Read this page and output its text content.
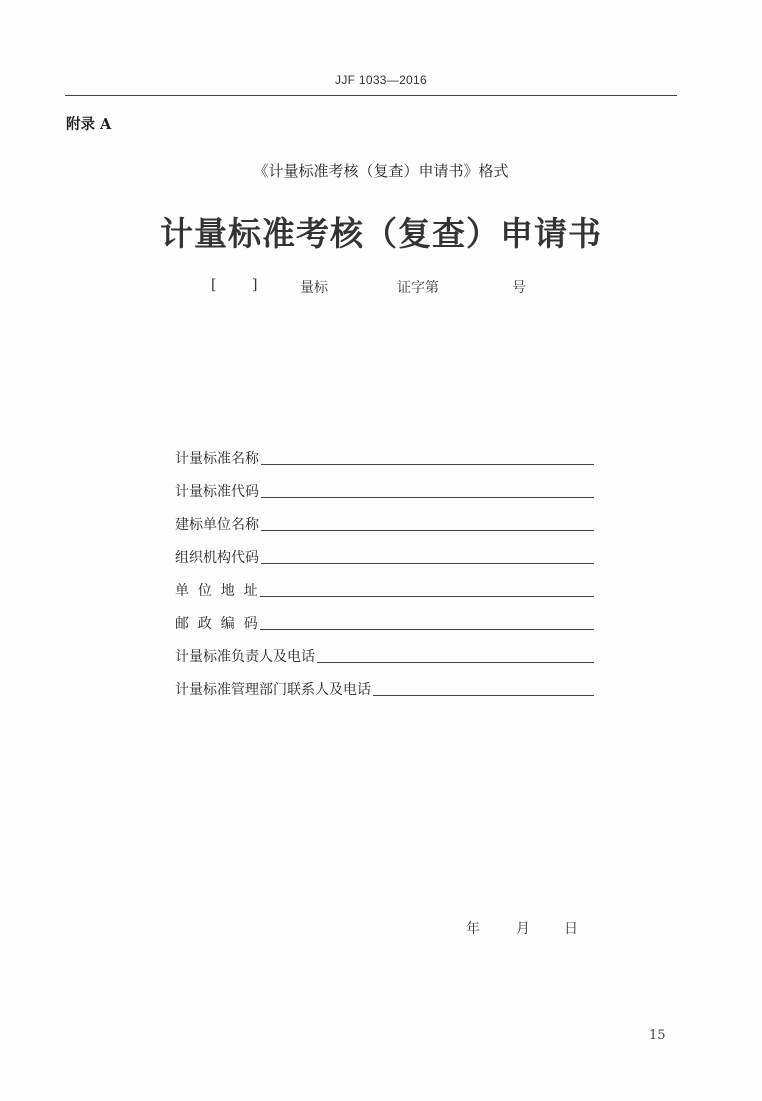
JJF 1033—2016
附录 A
《计量标准考核（复查）申请书》格式
计量标准考核（复查）申请书
[	]	量标	证字第	号
计量标准名称
计量标准代码
建标单位名称
组织机构代码
单  位  地  址
邮  政  编  码
计量标准负责人及电话
计量标准管理部门联系人及电话
年	月 日
15
